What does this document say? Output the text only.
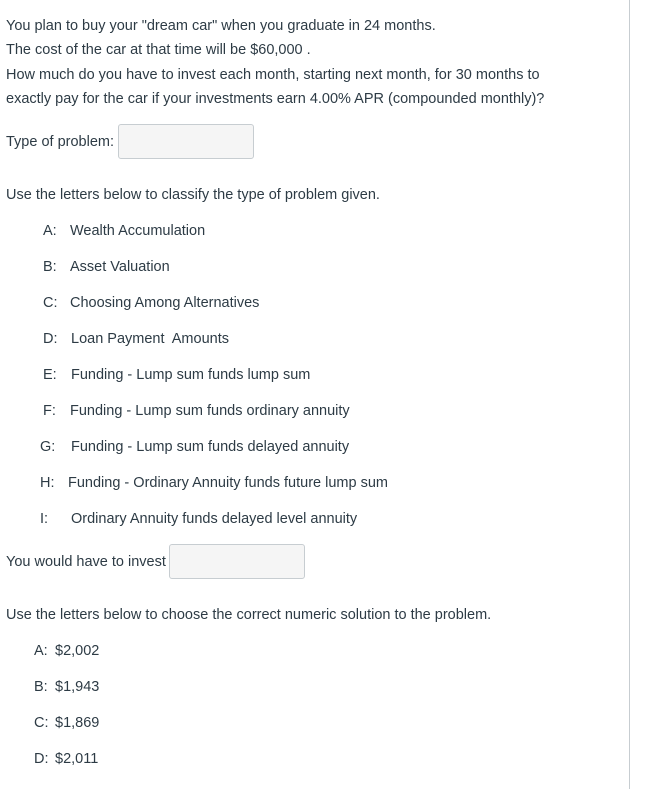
You plan to buy your "dream car" when you graduate in 24 months.
The cost of the car at that time will be $60,000 .
How much do you have to invest each month, starting next month, for 30 months to
exactly pay for the car if your investments earn 4.00% APR (compounded monthly)?
Type of problem:
Use the letters below to classify the type of problem given.
A: Wealth Accumulation
B: Asset Valuation
C: Choosing Among Alternatives
D: Loan Payment  Amounts
E: Funding - Lump sum funds lump sum
F: Funding - Lump sum funds ordinary annuity
G: Funding - Lump sum funds delayed annuity
H: Funding - Ordinary Annuity funds future lump sum
I: Ordinary Annuity funds delayed level annuity
You would have to invest
Use the letters below to choose the correct numeric solution to the problem.
A: $2,002
B: $1,943
C: $1,869
D: $2,011
